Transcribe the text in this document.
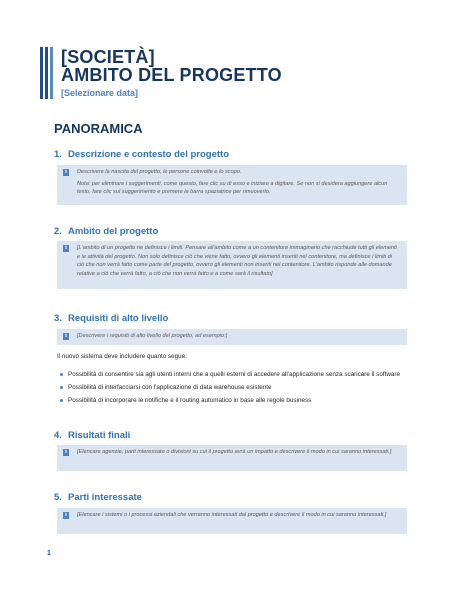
[SOCIETÀ]
AMBITO DEL PROGETTO
[Selezionare data]
PANORAMICA
1. Descrizione e contesto del progetto
i	Descrivere la nascita del progetto, le persone coinvolte e lo scopo.

Nota: per eliminare i suggerimenti, come questo, fare clic su di esso e iniziare a digitare. Se non si desidera aggiungere alcun testo, fare clic sul suggerimento e premere la barra spaziatrice per rimuoverlo.

2. Ambito del progetto
i	[L'ambito di un progetto ne definisce i limiti. Pensare all'ambito come a un contenitore immaginario che racchiude tutti gli elementi e le attività del progetto. Non solo definisce ciò che viene fatto, ovvero gli elementi inseriti nel contenitore, ma definisce i limiti di ciò che non verrà fatto come parte del progetto, ovvero gli elementi non inseriti nel contenitore. L'ambito risponde alle domande relative a ciò che verrà fatto, a ciò che non verrà fatto e a come sarà il risultato]

3. Requisiti di alto livello
i	[Descrivere i requisiti di alto livello del progetto, ad esempio:]

Il nuovo sistema deve includere quanto segue:
Possibilità di consentire sia agli utenti interni che a quelli esterni di accedere all'applicazione senza scaricare il software
Possibilità di interfacciarsi con l'applicazione di data warehouse esistente
Possibilità di incorporare le notifiche e il routing automatico in base alle regole business
4. Risultati finali
i	[Elencare agenzie, parti interessate o divisioni su cui il progetto avrà un impatto e descrivere il modo in cui saranno interessati.]

5. Parti interessate
i	[Elencare i sistemi o i processi aziendali che verranno interessati dal progetto e descrivere il modo in cui saranno interessati.]

1
